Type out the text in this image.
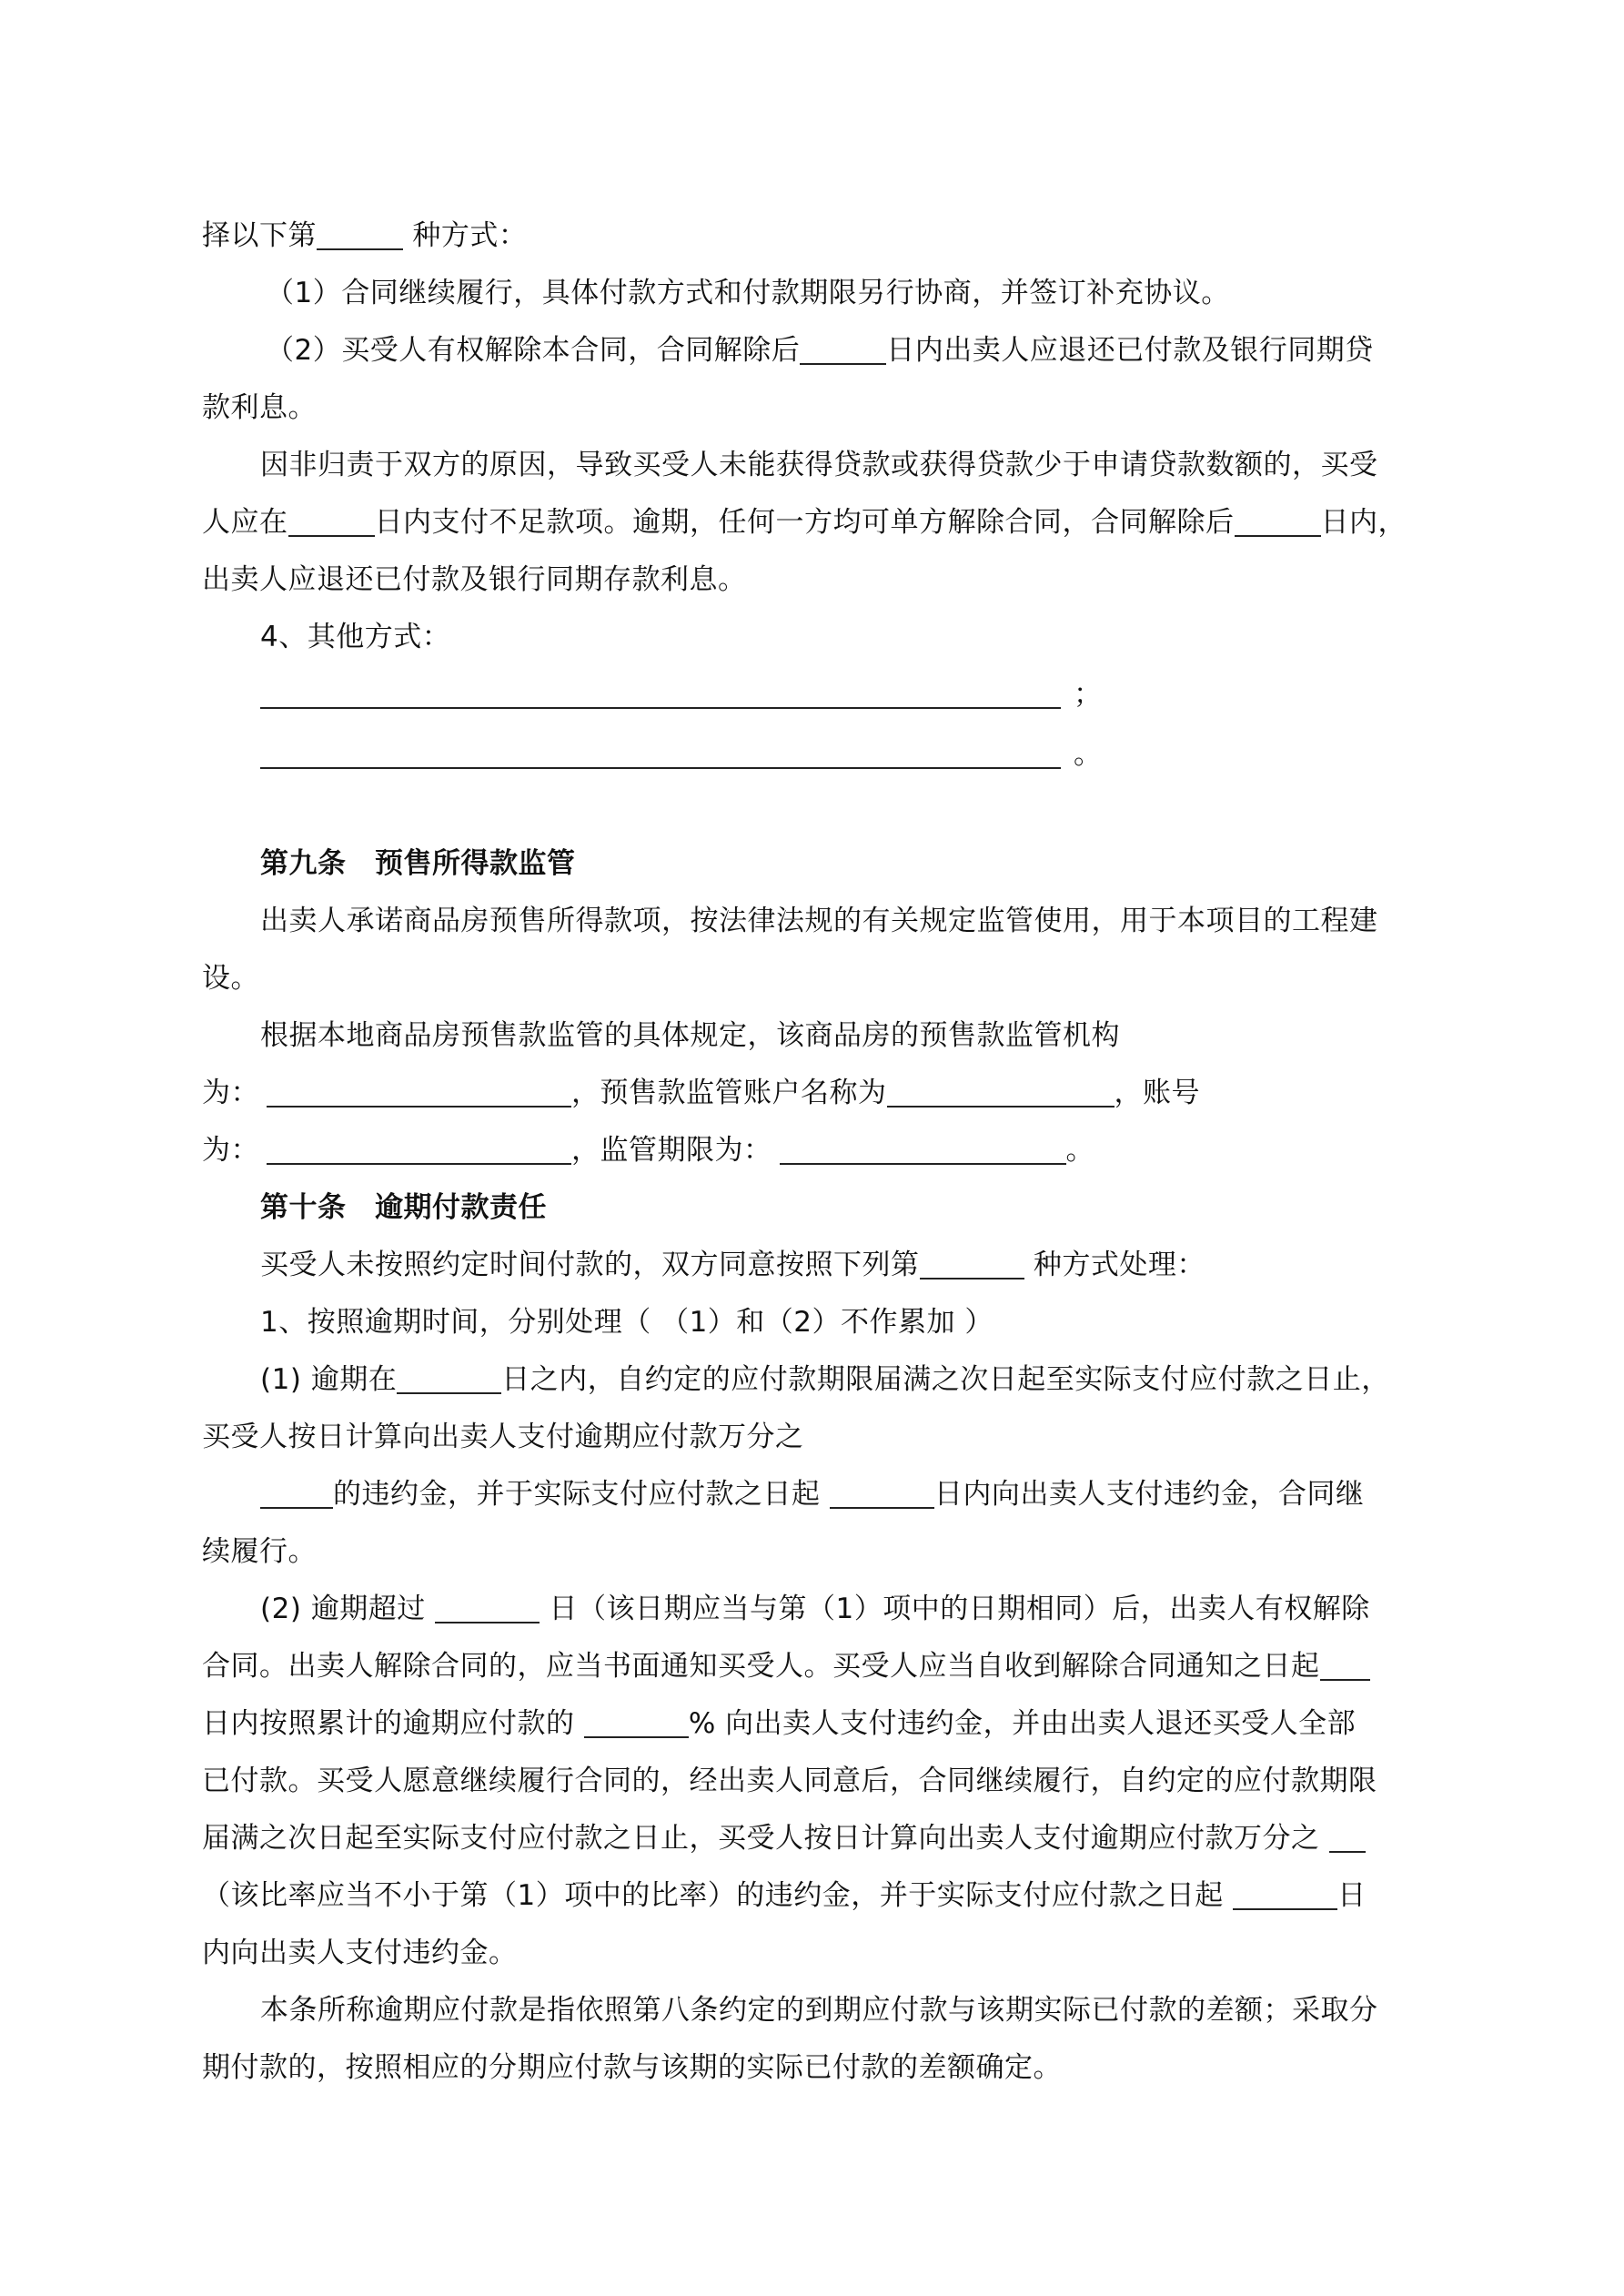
择以下第	种方式：
（1）合同继续履行，具体付款方式和付款期限另行协商，并签订补充协议。
（2）买受人有权解除本合同，合同解除后	日内出卖人应退还已付款及银行同期贷
款利息。
因非归责于双方的原因，导致买受人未能获得贷款或获得贷款少于申请贷款数额的，买受
人应在	日内支付不足款项。逾期，任何一方均可单方解除合同，合同解除后	日内，
出卖人应退还已付款及银行同期存款利息。
4、其他方式：
；
。
第九条　预售所得款监管
出卖人承诺商品房预售所得款项，按法律法规的有关规定监管使用，用于本项目的工程建
设。
根据本地商品房预售款监管的具体规定，该商品房的预售款监管机构
为：	，预售款监管账户名称为	，账号
为：	，监管期限为：	。
第十条　逾期付款责任
买受人未按照约定时间付款的，双方同意按照下列第	种方式处理：
1、按照逾期时间，分别处理（ （1）和（2）不作累加 ）
(1) 逾期在	日之内，自约定的应付款期限届满之次日起至实际支付应付款之日止，
买受人按日计算向出卖人支付逾期应付款万分之
的违约金，并于实际支付应付款之日起	日内向出卖人支付违约金，合同继
续履行。
(2) 逾期超过	日（该日期应当与第（1）项中的日期相同）后，出卖人有权解除
合同。出卖人解除合同的，应当书面通知买受人。买受人应当自收到解除合同通知之日起
日内按照累计的逾期应付款的	% 向出卖人支付违约金，并由出卖人退还买受人全部
已付款。买受人愿意继续履行合同的，经出卖人同意后，合同继续履行，自约定的应付款期限
届满之次日起至实际支付应付款之日止，买受人按日计算向出卖人支付逾期应付款万分之
（该比率应当不小于第（1）项中的比率）的违约金，并于实际支付应付款之日起	日
内向出卖人支付违约金。
本条所称逾期应付款是指依照第八条约定的到期应付款与该期实际已付款的差额；采取分
期付款的，按照相应的分期应付款与该期的实际已付款的差额确定。
